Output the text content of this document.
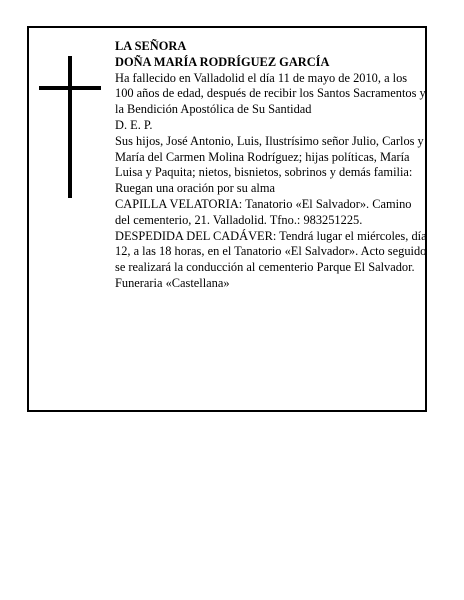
LA SEÑORA

DOÑA MARÍA RODRÍGUEZ GARCÍA

Ha fallecido en Valladolid el día 11 de mayo de 2010, a los 100 años de edad, después de recibir los Santos Sacramentos y la Bendición Apostólica de Su Santidad

D. E. P.

Sus hijos, José Antonio, Luis, Ilustrísimo señor Julio, Carlos y María del Carmen Molina Rodríguez; hijas políticas, María Luisa y Paquita; nietos, bisnietos, sobrinos y demás familia:

Ruegan una oración por su alma

CAPILLA VELATORIA: Tanatorio «El Salvador». Camino del cementerio, 21. Valladolid. Tfno.: 983251225.

DESPEDIDA DEL CADÁVER: Tendrá lugar el miércoles, día 12, a las 18 horas, en el Tanatorio «El Salvador». Acto seguido se realizará la conducción al cementerio Parque El Salvador.

Funeraria «Castellana»
